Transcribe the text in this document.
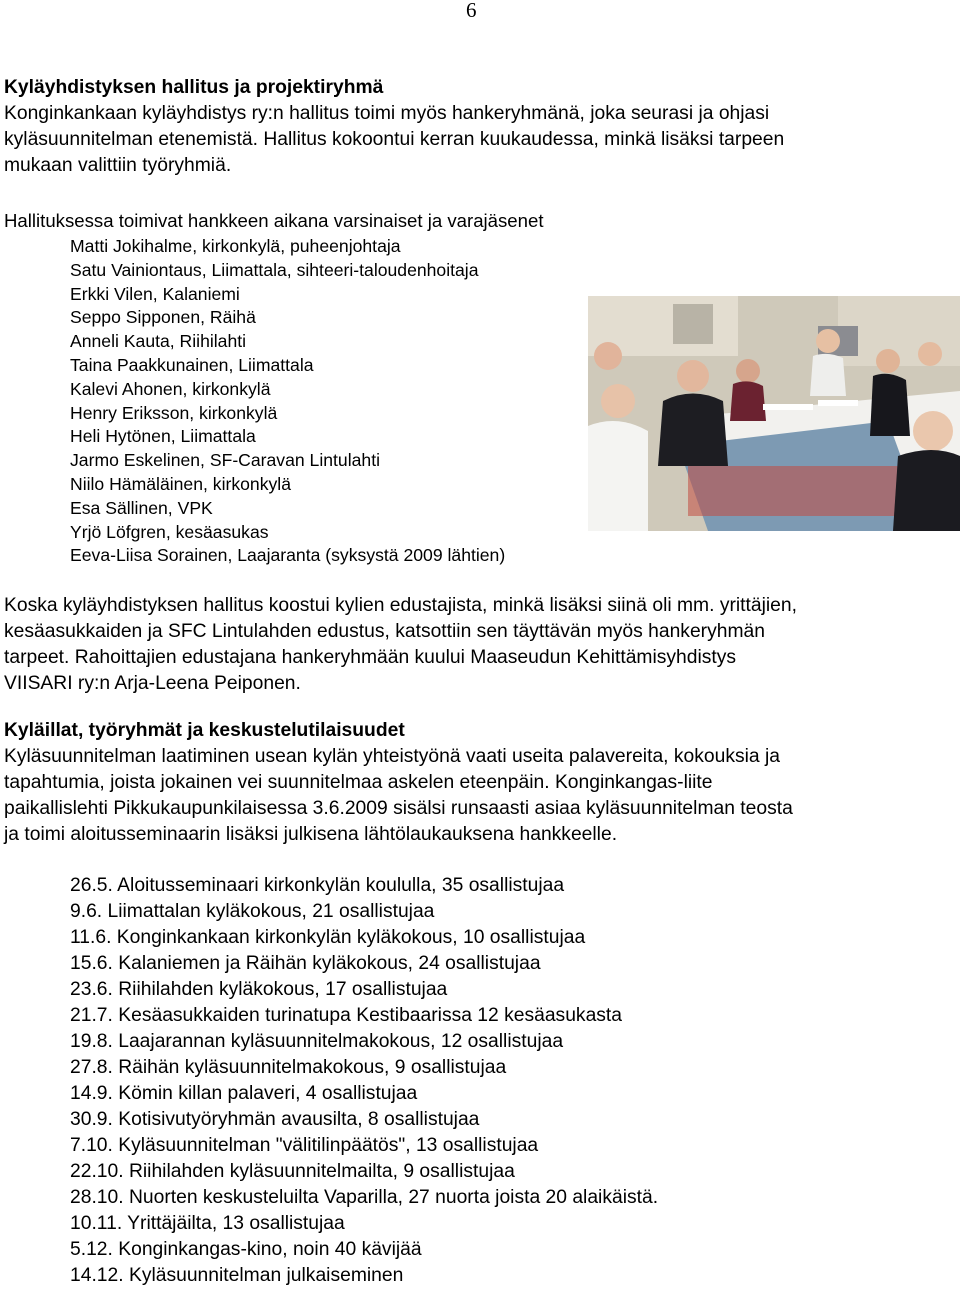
6
Kyläyhdistyksen hallitus ja projektiryhmä
Konginkankaan kyläyhdistys ry:n hallitus toimi myös hankeryhmänä, joka seurasi ja ohjasi
kyläsuunnitelman etenemistä. Hallitus kokoontui kerran kuukaudessa, minkä lisäksi tarpeen
mukaan valittiin työryhmiä.
Hallituksessa toimivat hankkeen aikana varsinaiset ja varajäsenet
Matti Jokihalme, kirkonkylä, puheenjohtaja
Satu Vainiontaus, Liimattala, sihteeri-taloudenhoitaja
Erkki Vilen, Kalaniemi
Seppo Sipponen, Räihä
Anneli Kauta, Riihilahti
Taina Paakkunainen, Liimattala
Kalevi Ahonen, kirkonkylä
Henry Eriksson, kirkonkylä
Heli Hytönen, Liimattala
Jarmo Eskelinen, SF-Caravan Lintulahti
Niilo Hämäläinen, kirkonkylä
Esa Sällinen, VPK
Yrjö Löfgren, kesäasukas
Eeva-Liisa Sorainen, Laajaranta (syksystä 2009 lähtien)
Koska kyläyhdistyksen hallitus koostui kylien edustajista, minkä lisäksi siinä oli mm. yrittäjien,
kesäasukkaiden ja SFC Lintulahden edustus, katsottiin sen täyttävän myös hankeryhmän
tarpeet. Rahoittajien edustajana hankeryhmään kuului Maaseudun Kehittämisyhdistys
VIISARI ry:n Arja-Leena Peiponen.
Kyläillat, työryhmät ja keskustelutilaisuudet
Kyläsuunnitelman laatiminen usean kylän yhteistyönä vaati useita palavereita, kokouksia ja
tapahtumia, joista jokainen vei suunnitelmaa askelen eteenpäin. Konginkangas-liite
paikallislehti Pikkukaupunkilaisessa 3.6.2009 sisälsi runsaasti asiaa kyläsuunnitelman teosta
ja toimi aloitusseminaarin lisäksi julkisena lähtölaukauksena hankkeelle.
26.5. Aloitusseminaari kirkonkylän koululla, 35 osallistujaa
9.6. Liimattalan kyläkokous, 21 osallistujaa
11.6. Konginkankaan kirkonkylän kyläkokous, 10 osallistujaa
15.6. Kalaniemen ja Räihän kyläkokous, 24 osallistujaa
23.6. Riihilahden kyläkokous, 17 osallistujaa
21.7. Kesäasukkaiden turinatupa Kestibaarissa 12 kesäasukasta
19.8. Laajarannan kyläsuunnitelmakokous, 12 osallistujaa
27.8. Räihän kyläsuunnitelmakokous, 9 osallistujaa
14.9. Kömin killan palaveri, 4 osallistujaa
30.9. Kotisivutyöryhmän avausilta, 8 osallistujaa
7.10. Kyläsuunnitelman "välitilinpäätös", 13 osallistujaa
22.10. Riihilahden kyläsuunnitelmailta, 9 osallistujaa
28.10. Nuorten keskusteluilta Vaparilla, 27 nuorta joista 20 alaikäistä.
10.11. Yrittäjäilta, 13 osallistujaa
5.12. Konginkangas-kino, noin 40 kävijää
14.12. Kyläsuunnitelman julkaiseminen
